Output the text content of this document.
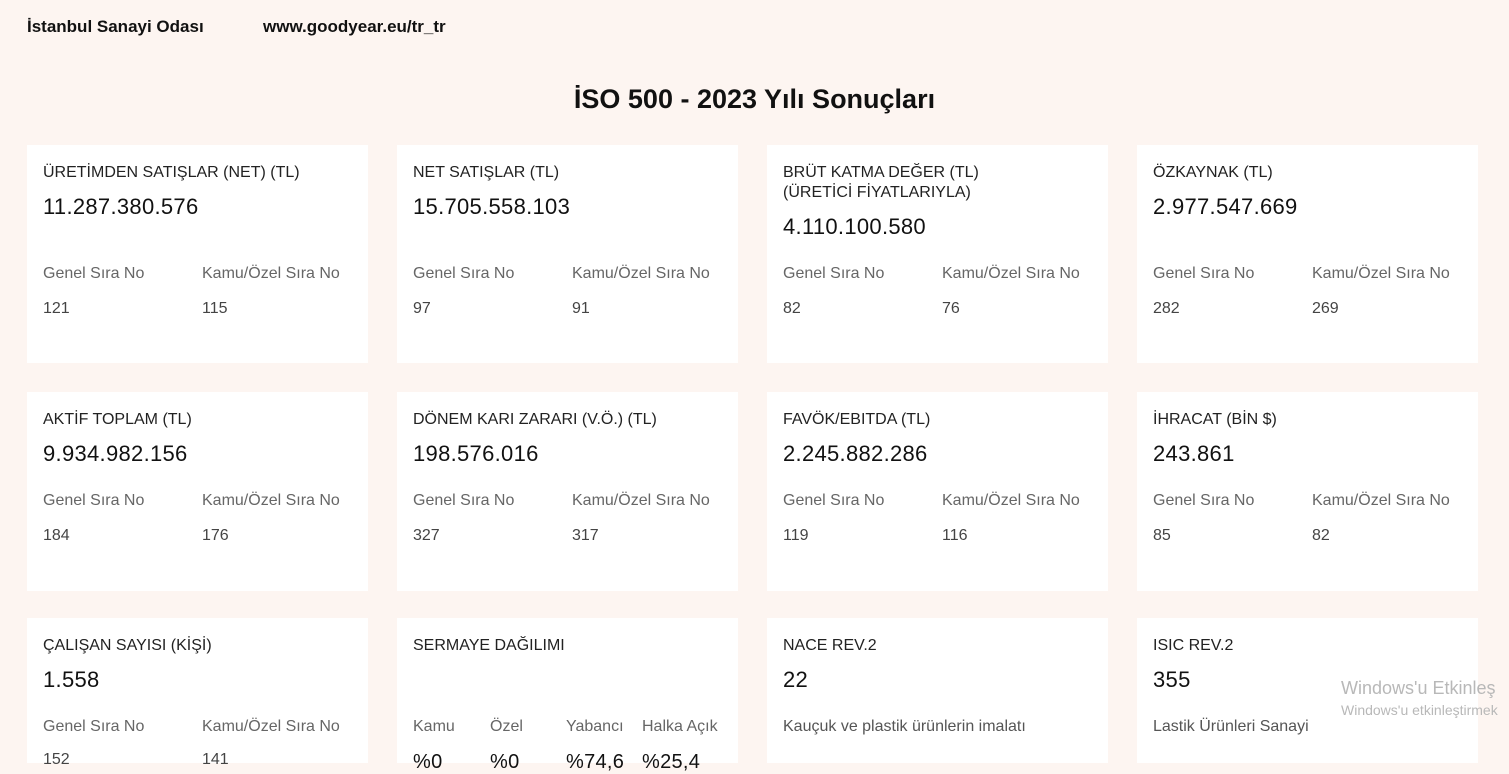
İstanbul Sanayi Odası	www.goodyear.eu/tr_tr
İSO 500 - 2023 Yılı Sonuçları
ÜRETİMDEN SATIŞLAR (NET) (TL)
11.287.380.576
Genel Sıra No	Kamu/Özel Sıra No
121	115
NET SATIŞLAR (TL)
15.705.558.103
Genel Sıra No	Kamu/Özel Sıra No
97	91
BRÜT KATMA DEĞER (TL)
(ÜRETİCİ FİYATLARIYLA)
4.110.100.580
Genel Sıra No	Kamu/Özel Sıra No
82	76
ÖZKAYNAK (TL)
2.977.547.669
Genel Sıra No	Kamu/Özel Sıra No
282	269
AKTİF TOPLAM (TL)
9.934.982.156
Genel Sıra No	Kamu/Özel Sıra No
184	176
DÖNEM KARI ZARARI (V.Ö.) (TL)
198.576.016
Genel Sıra No	Kamu/Özel Sıra No
327	317
FAVÖK/EBITDA (TL)
2.245.882.286
Genel Sıra No	Kamu/Özel Sıra No
119	116
İHRACAT (BİN $)
243.861
Genel Sıra No	Kamu/Özel Sıra No
85	82
ÇALIŞAN SAYISI (KİŞİ)
1.558
Genel Sıra No	Kamu/Özel Sıra No
152	141
SERMAYE DAĞILIMI
Kamu Özel	Yabancı Halka Açık
%0 %0 %74,6 %25,4
NACE REV.2
22
Kauçuk ve plastik ürünlerin imalatı
ISIC REV.2
355
Lastik Ürünleri Sanayi
Windows'u Etkinleş
Windows'u etkinleştirmek
